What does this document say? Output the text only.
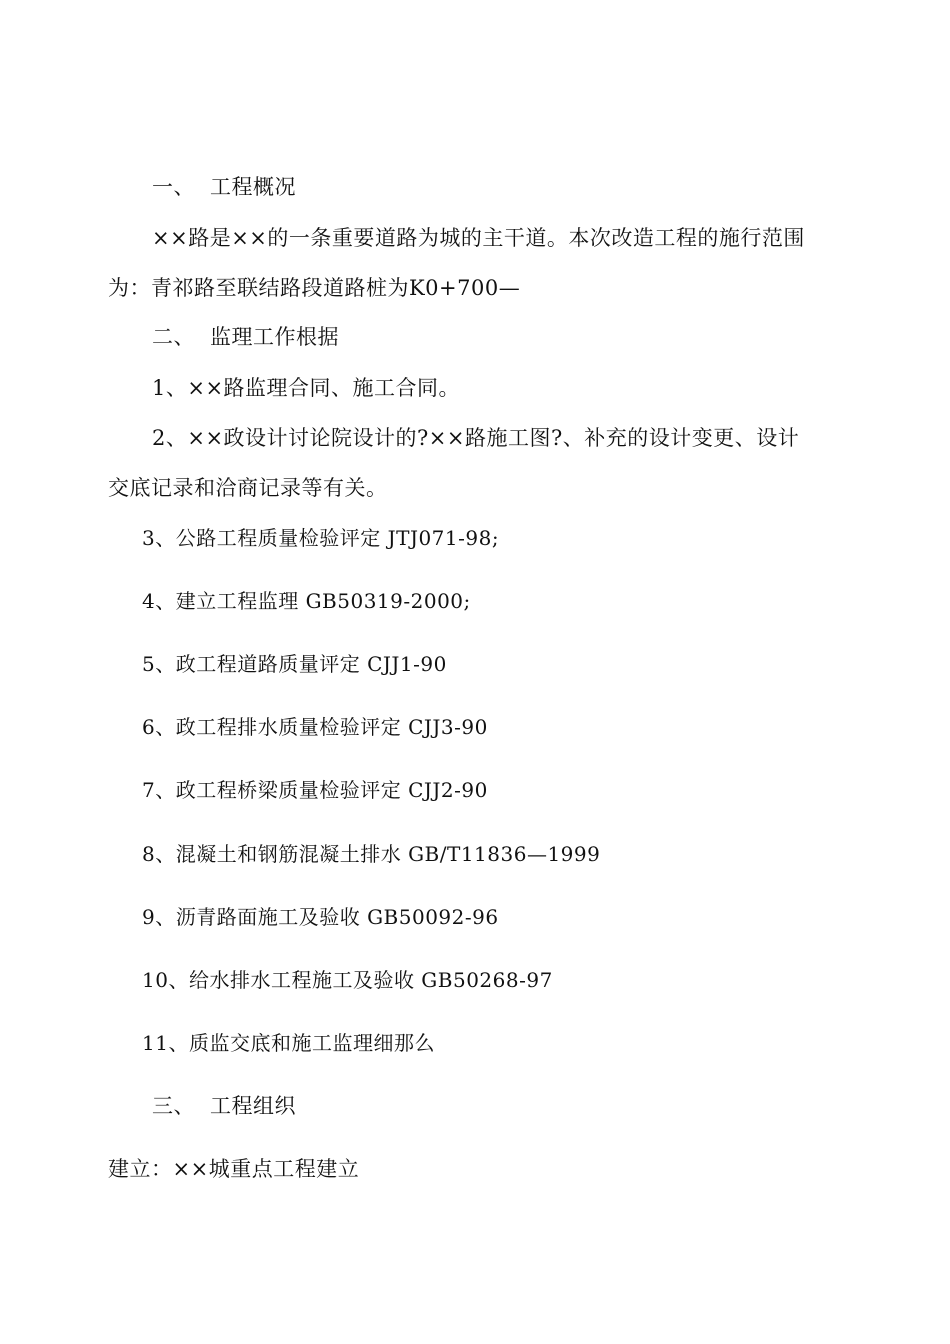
一、 工程概况
××路是××的一条重要道路为城的主干道。本次改造工程的施行范围
为：青祁路至联结路段道路桩为K0+700—
二、 监理工作根据
1、××路监理合同、施工合同。
2、××政设计讨论院设计的?××路施工图?、补充的设计变更、设计
交底记录和洽商记录等有关。
3、公路工程质量检验评定 JTJ071-98;
4、建立工程监理 GB50319-2000;
5、政工程道路质量评定 CJJ1-90
6、政工程排水质量检验评定 CJJ3-90
7、政工程桥梁质量检验评定 CJJ2-90
8、混凝土和钢筋混凝土排水 GB/T11836—1999
9、沥青路面施工及验收 GB50092-96
10、给水排水工程施工及验收 GB50268-97
11、质监交底和施工监理细那么
三、 工程组织
建立：××城重点工程建立
